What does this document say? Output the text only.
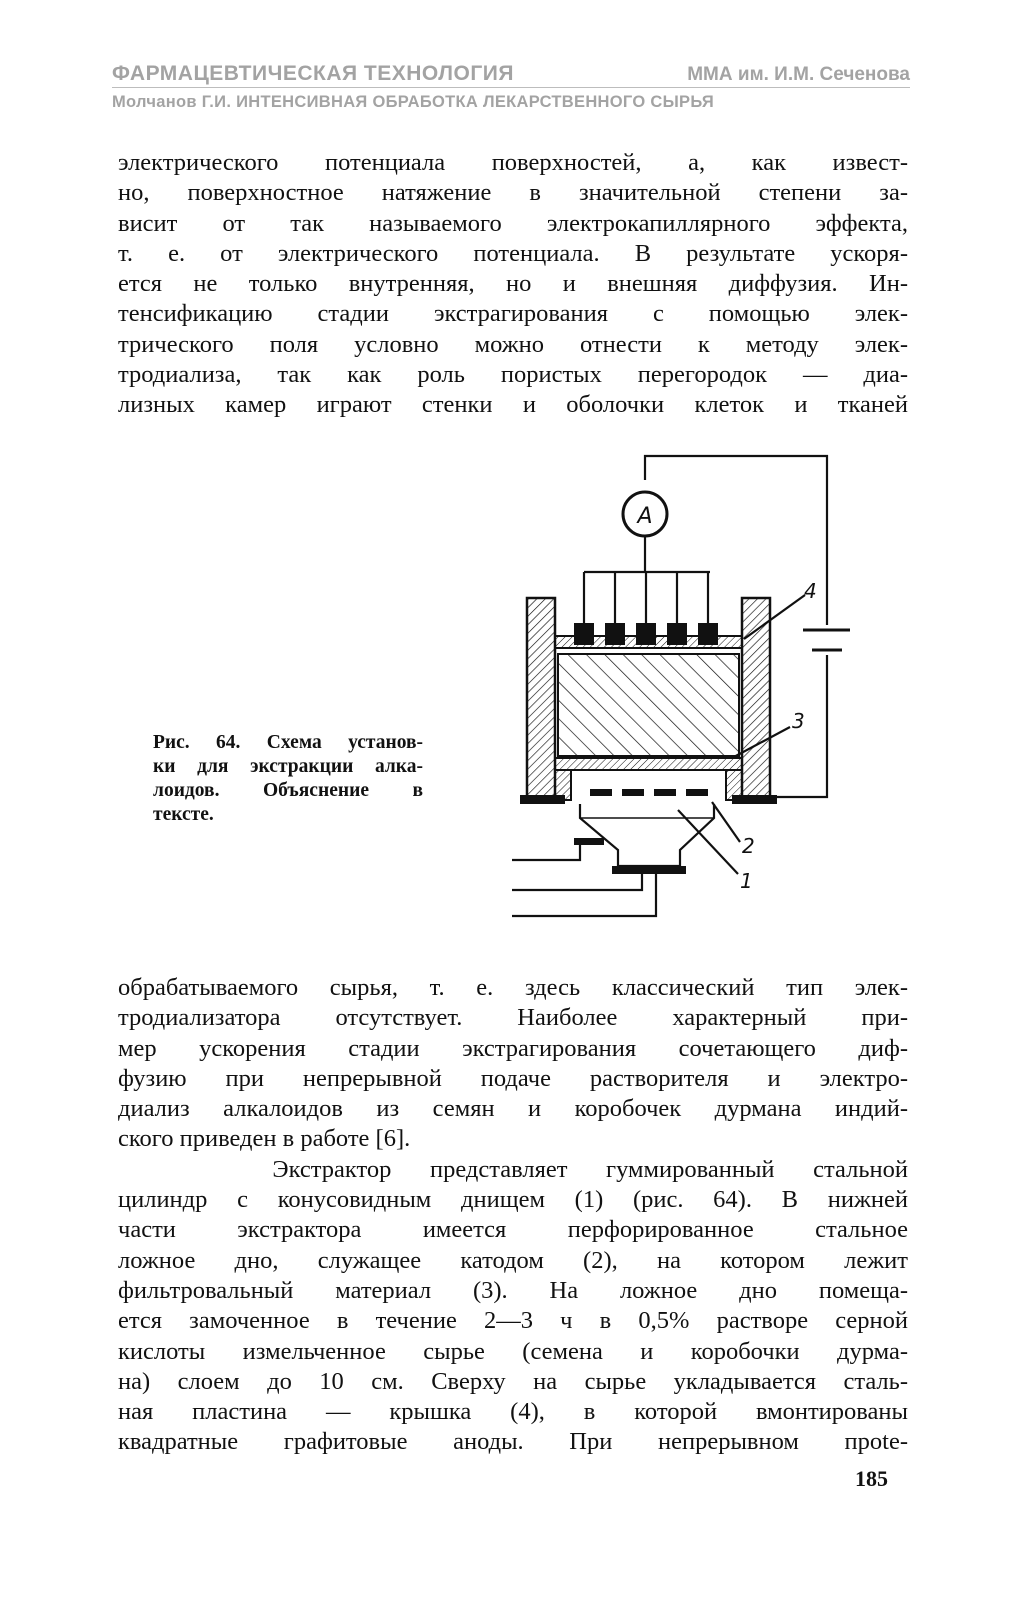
ФАРМАЦЕВТИЧЕСКАЯ ТЕХНОЛОГИЯ	ММА им. И.М. Сеченова
Молчанов Г.И. ИНТЕНСИВНАЯ ОБРАБОТКА ЛЕКАРСТВЕННОГО СЫРЬЯ
электрического потенциала поверхностей, а, как извест-
но, поверхностное натяжение в значительной степени за-
висит от так называемого электрокапиллярного эффекта,
т. е. от электрического потенциала. В результате ускоря-
ется не только внутренняя, но и внешняя диффузия. Ин-
тенсификацию стадии экстрагирования с помощью элек-
трического поля условно можно отнести к методу элек-
тродиализа, так как роль пористых перегородок — диа-
лизных камер играют стенки и оболочки клеток и тканей
Рис. 64. Схема установ-
ки для экстракции алка-
лоидов. Объяснение в
тексте.
A
4
3
2
1
обрабатываемого сырья, т. е. здесь классический тип элек-
тродиализатора отсутствует. Наиболее характерный при-
мер ускорения стадии экстрагирования сочетающего диф-
фузию при непрерывной подаче растворителя и электро-
диализ алкалоидов из семян и коробочек дурмана индий-
ского приведен в работе [6].
Экстрактор представляет гуммированный стальной
цилиндр с конусовидным днищем (1) (рис. 64). В нижней
части экстрактора имеется перфорированное стальное
ложное дно, служащее катодом (2), на котором лежит
фильтровальный материал (3). На ложное дно помеща-
ется замоченное в течение 2—3 ч в 0,5% растворе серной
кислоты измельченное сырье (семена и коробочки дурма-
на) слоем до 10 см. Сверху на сырье укладывается сталь-
ная пластина — крышка (4), в которой вмонтированы
квадратные графитовые аноды. При непрерывном прote-
185
